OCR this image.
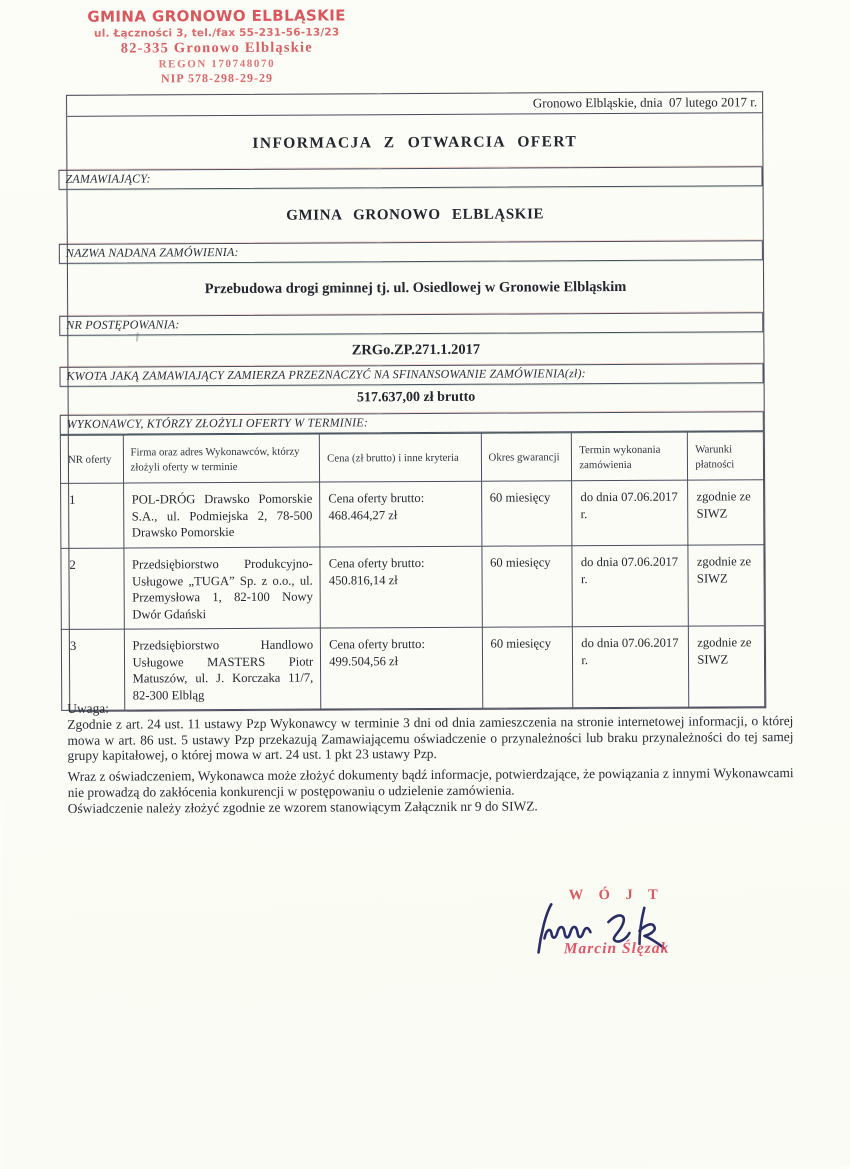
GMINA GRONOWO ELBLĄSKIE
ul. Łączności 3, tel./fax 55-231-56-13/23
82-335 Gronowo Elbląskie
REGON 170748070
NIP 578-298-29-29
Gronowo Elbląskie, dnia  07 lutego 2017 r.
INFORMACJA Z OTWARCIA OFERT
ZAMAWIAJĄCY:
GMINA GRONOWO ELBLĄSKIE
NAZWA NADANA ZAMÓWIENIA:
Przebudowa drogi gminnej tj. ul. Osiedlowej w Gronowie Elbląskim
NR POSTĘPOWANIA:
ZRGo.ZP.271.1.2017
KWOTA JAKĄ ZAMAWIAJĄCY ZAMIERZA PRZEZNACZYĆ NA SFINANSOWANIE ZAMÓWIENIA(zł):
517.637,00 zł brutto
WYKONAWCY, KTÓRZY ZŁOŻYLI OFERTY W TERMINIE:
NR oferty	Firma oraz adres Wykonawców, którzy złożyli oferty w terminie	Cena (zł brutto) i inne kryteria	Okres gwarancji	Termin wykonania zamówienia	Warunki płatności
1	POL-DRÓG Drawsko Pomorskie S.A., ul. Podmiejska 2, 78-500 Drawsko Pomorskie	Cena oferty brutto:
468.464,27 zł	60 miesięcy	do dnia 07.06.2017 r.	zgodnie ze SIWZ
2	Przedsiębiorstwo Produkcyjno-Usługowe „TUGA” Sp. z o.o., ul. Przemysłowa 1, 82-100 Nowy Dwór Gdański	Cena oferty brutto:
450.816,14 zł	60 miesięcy	do dnia 07.06.2017 r.	zgodnie ze SIWZ
3	Przedsiębiorstwo Handlowo Usługowe MASTERS Piotr Matuszów, ul. J. Korczaka 11/7, 82-300 Elbląg	Cena oferty brutto:
499.504,56 zł	60 miesięcy	do dnia 07.06.2017 r.	zgodnie ze SIWZ
Uwaga:
Zgodnie z art. 24 ust. 11 ustawy Pzp Wykonawcy w terminie 3 dni od dnia zamieszczenia na stronie internetowej informacji, o której mowa w art. 86 ust. 5 ustawy Pzp przekazują Zamawiającemu oświadczenie o przynależności lub braku przynależności do tej samej grupy kapitałowej, o której mowa w art. 24 ust. 1 pkt 23 ustawy Pzp.
Wraz z oświadczeniem, Wykonawca może złożyć dokumenty bądź informacje, potwierdzające, że powiązania z innymi Wykonawcami nie prowadzą do zakłócenia konkurencji w postępowaniu o udzielenie zamówienia.
Oświadczenie należy złożyć zgodnie ze wzorem stanowiącym Załącznik nr 9 do SIWZ.
W Ó J T
Marcin Ślęzak
